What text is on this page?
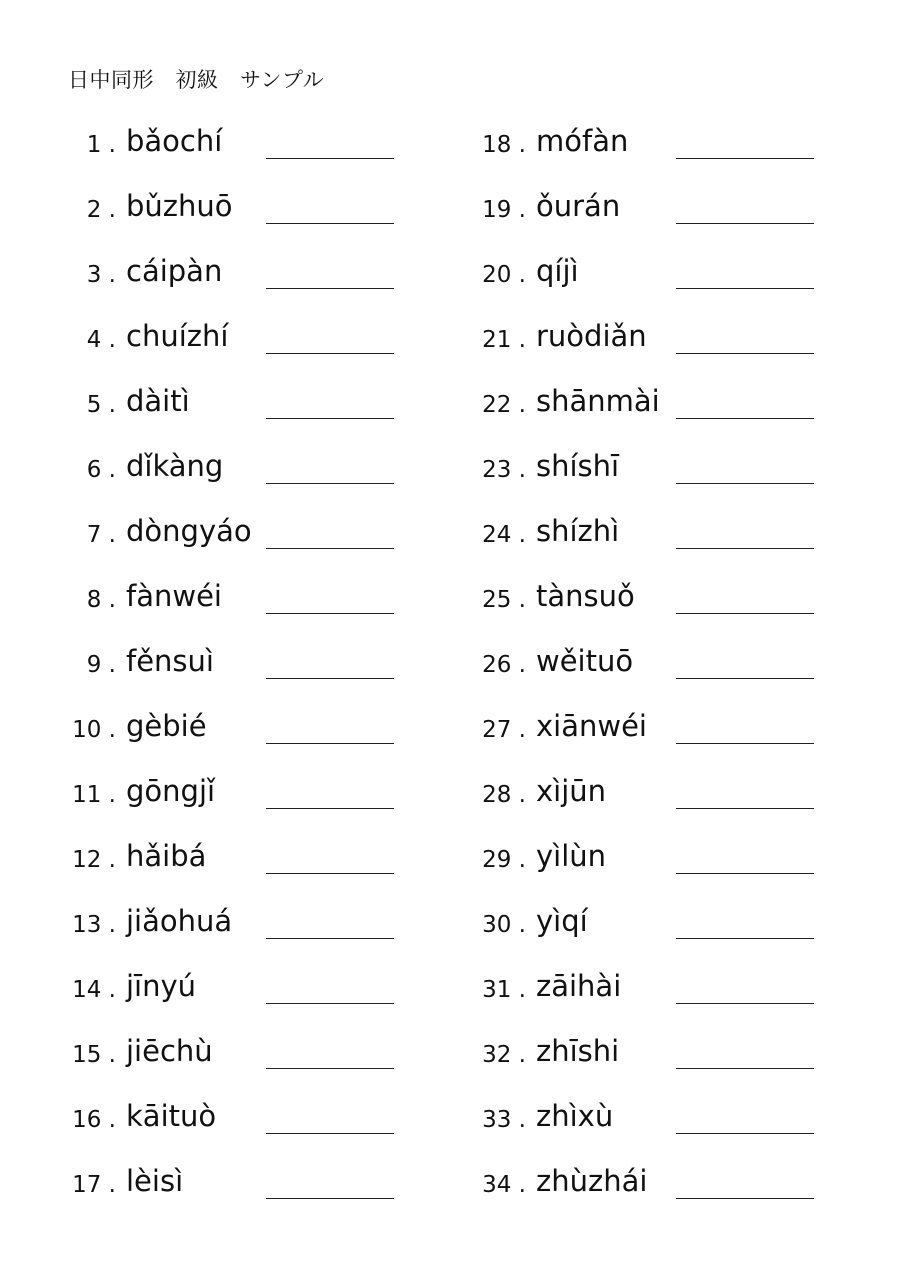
日中同形　初級　サンプル
1 . bǎochí
2 . bǔzhuō
3 . cáipàn
4 . chuízhí
5 . dàitì
6 . dǐkàng
7 . dòngyáo
8 . fànwéi
9 . fěnsuì
10 . gèbié
11 . gōngjǐ
12 . hǎibá
13 . jiǎohuá
14 . jīnyú
15 . jiēchù
16 . kāituò
17 . lèisì
18 . mófàn
19 . ǒurán
20 . qíjì
21 . ruòdiǎn
22 . shānmài
23 . shíshī
24 . shízhì
25 . tànsuǒ
26 . wěituō
27 . xiānwéi
28 . xìjūn
29 . yìlùn
30 . yìqí
31 . zāihài
32 . zhīshi
33 . zhìxù
34 . zhùzhái
